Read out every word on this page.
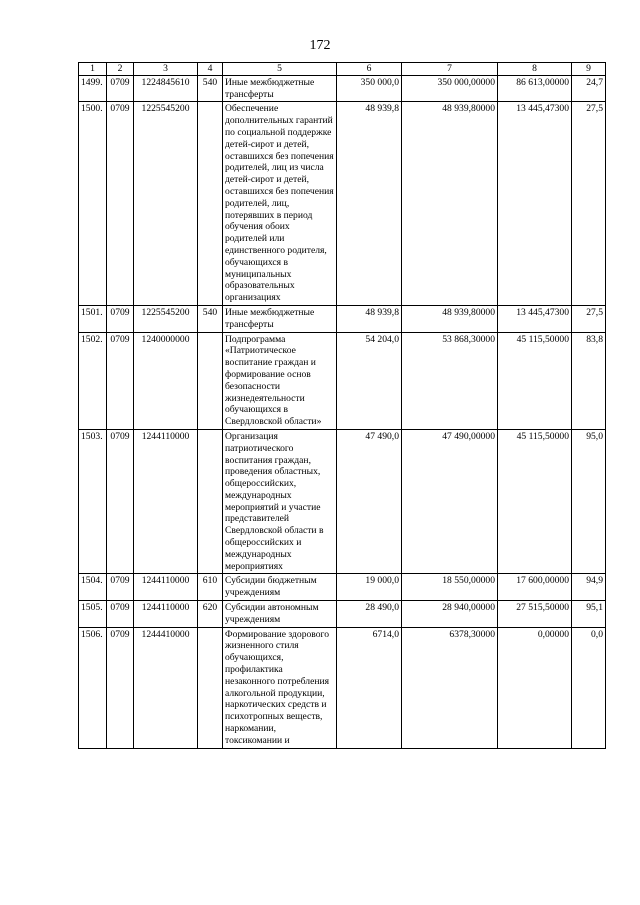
172
1	2	3	4	5	6	7	8	9
1499.	0709	1224845610	540	Иные межбюджетные трансферты	350 000,0	350 000,00000	86 613,00000	24,7
1500.	0709	1225545200		Обеспечение дополнительных гарантий по социальной поддержке детей-сирот и детей, оставшихся без попечения родителей, лиц из числа детей-сирот и детей, оставшихся без попечения родителей, лиц, потерявших в период обучения обоих родителей или единственного родителя, обучающихся в муниципальных образовательных организациях	48 939,8	48 939,80000	13 445,47300	27,5
1501.	0709	1225545200	540	Иные межбюджетные трансферты	48 939,8	48 939,80000	13 445,47300	27,5
1502.	0709	1240000000		Подпрограмма «Патриотическое воспитание граждан и формирование основ безопасности жизнедеятельности обучающихся в Свердловской области»	54 204,0	53 868,30000	45 115,50000	83,8
1503.	0709	1244110000		Организация патриотического воспитания граждан, проведения областных, общероссийских, международных мероприятий и участие представителей Свердловской области в общероссийских и международных мероприятиях	47 490,0	47 490,00000	45 115,50000	95,0
1504.	0709	1244110000	610	Субсидии бюджетным учреждениям	19 000,0	18 550,00000	17 600,00000	94,9
1505.	0709	1244110000	620	Субсидии автономным учреждениям	28 490,0	28 940,00000	27 515,50000	95,1
1506.	0709	1244410000		Формирование здорового жизненного стиля обучающихся, профилактика незаконного потребления алкогольной продукции, наркотических средств и психотропных веществ, наркомании, токсикомании и	6714,0	6378,30000	0,00000	0,0
